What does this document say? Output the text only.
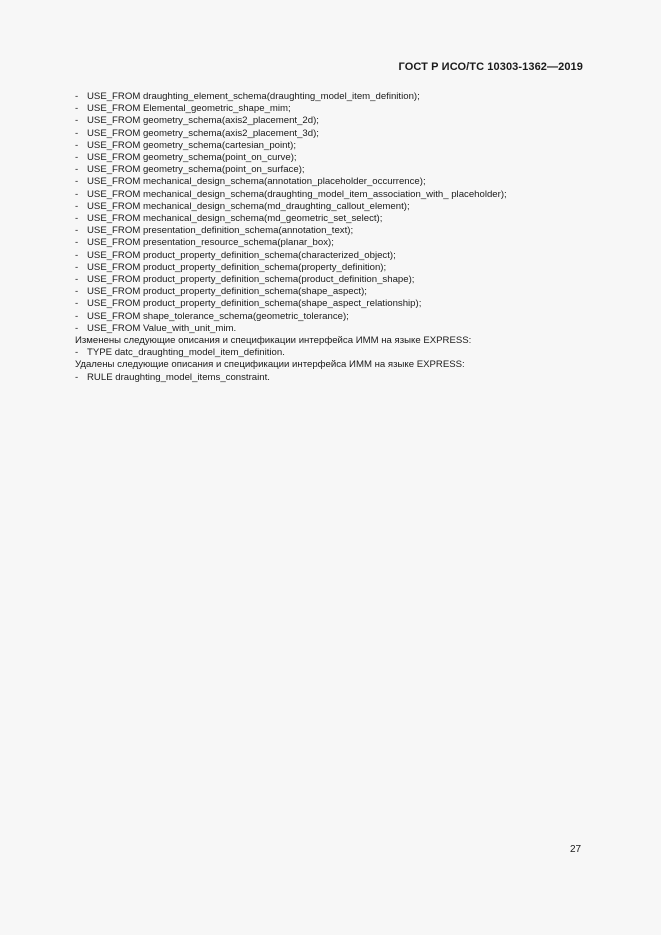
ГОСТ Р ИСО/ТС 10303-1362—2019
- USE_FROM draughting_element_schema(draughting_model_item_definition);
- USE_FROM Elemental_geometric_shape_mim;
- USE_FROM geometry_schema(axis2_placement_2d);
- USE_FROM geometry_schema(axis2_placement_3d);
- USE_FROM geometry_schema(cartesian_point);
- USE_FROM geometry_schema(point_on_curve);
- USE_FROM geometry_schema(point_on_surface);
- USE_FROM mechanical_design_schema(annotation_placeholder_occurrence);
- USE_FROM mechanical_design_schema(draughting_model_item_association_with_ placeholder);
- USE_FROM mechanical_design_schema(md_draughting_callout_element);
- USE_FROM mechanical_design_schema(md_geometric_set_select);
- USE_FROM presentation_definition_schema(annotation_text);
- USE_FROM presentation_resource_schema(planar_box);
- USE_FROM product_property_definition_schema(characterized_object);
- USE_FROM product_property_definition_schema(property_definition);
- USE_FROM product_property_definition_schema(product_definition_shape);
- USE_FROM product_property_definition_schema(shape_aspect);
- USE_FROM product_property_definition_schema(shape_aspect_relationship);
- USE_FROM shape_tolerance_schema(geometric_tolerance);
- USE_FROM Value_with_unit_mim.
Изменены следующие описания и спецификации интерфейса ИММ на языке EXPRESS:
- TYPE datc_draughting_model_item_definition.
Удалены следующие описания и спецификации интерфейса ИММ на языке EXPRESS:
- RULE draughting_model_items_constraint.
27
